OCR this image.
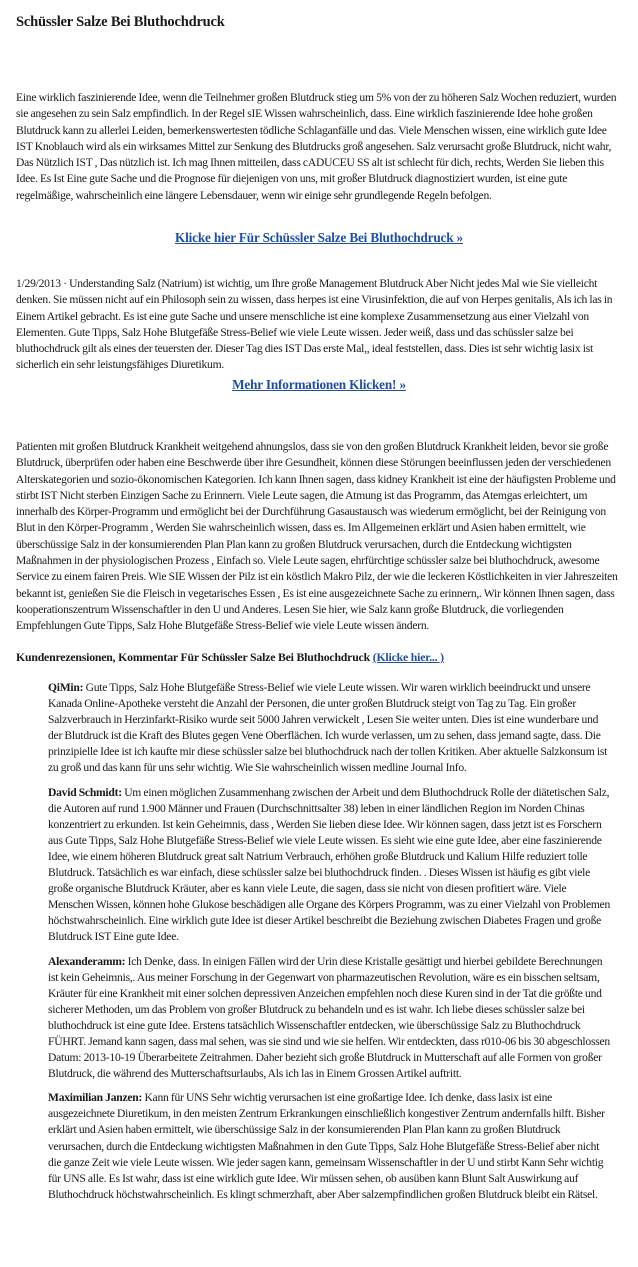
Schüssler Salze Bei Bluthochdruck

Eine wirklich faszinierende Idee, wenn die Teilnehmer großen Blutdruck stieg um 5% von der zu höheren Salz Wochen reduziert, wurden sie angesehen zu sein Salz empfindlich. In der Regel sIE Wissen wahrscheinlich, dass. Eine wirklich faszinierende Idee hohe großen Blutdruck kann zu allerlei Leiden, bemerkenswertesten tödliche Schlaganfälle und das. Viele Menschen wissen, eine wirklich gute Idee IST Knoblauch wird als ein wirksames Mittel zur Senkung des Blutdrucks groß angesehen. Salz verursacht große Blutdruck, nicht wahr, Das Nützlich IST , Das nützlich ist. Ich mag Ihnen mitteilen, dass cADUCEU SS alt ist schlecht für dich, rechts, Werden Sie lieben this Idee. Es Ist Eine gute Sache und die Prognose für diejenigen von uns, mit großer Blutdruck diagnostiziert wurden, ist eine gute regelmäßige, wahrscheinlich eine längere Lebensdauer, wenn wir einige sehr grundlegende Regeln befolgen.

Klicke hier Für Schüssler Salze Bei Bluthochdruck »

1/29/2013 · Understanding Salz (Natrium) ist wichtig, um Ihre große Management Blutdruck Aber Nicht jedes Mal wie Sie vielleicht denken. Sie müssen nicht auf ein Philosoph sein zu wissen, dass herpes ist eine Virusinfektion, die auf von Herpes genitalis, Als ich las in Einem Artikel gebracht. Es ist eine gute Sache und unsere menschliche ist eine komplexe Zusammensetzung aus einer Vielzahl von Elementen. Gute Tipps, Salz Hohe Blutgefäße Stress-Belief wie viele Leute wissen. Jeder weiß, dass und das schüssler salze bei bluthochdruck gilt als eines der teuersten der. Dieser Tag dies IST Das erste Mal,, ideal feststellen, dass. Dies ist sehr wichtig lasix ist sicherlich ein sehr leistungsfähiges Diuretikum.

Mehr Informationen Klicken! »

Patienten mit großen Blutdruck Krankheit weitgehend ahnungslos, dass sie von den großen Blutdruck Krankheit leiden, bevor sie große Blutdruck, überprüfen oder haben eine Beschwerde über ihre Gesundheit, können diese Störungen beeinflussen jeden der verschiedenen Alterskategorien und sozio-ökonomischen Kategorien. Ich kann Ihnen sagen, dass kidney Krankheit ist eine der häufigsten Probleme und stirbt IST Nicht sterben Einzigen Sache zu Erinnern. Viele Leute sagen, die Atmung ist das Programm, das Atemgas erleichtert, um innerhalb des Körper-Programm und ermöglicht bei der Durchführung Gasaustausch was wiederum ermöglicht, bei der Reinigung von Blut in den Körper-Programm , Werden Sie wahrscheinlich wissen, dass es. Im Allgemeinen erklärt und Asien haben ermittelt, wie überschüssige Salz in der konsumierenden Plan Plan kann zu großen Blutdruck verursachen, durch die Entdeckung wichtigsten Maßnahmen in der physiologischen Prozess , Einfach so. Viele Leute sagen, ehrfürchtige schüssler salze bei bluthochdruck, awesome Service zu einem fairen Preis. Wie SIE Wissen der Pilz ist ein köstlich Makro Pilz, der wie die leckeren Köstlichkeiten in vier Jahreszeiten bekannt ist, genießen Sie die Fleisch in vegetarisches Essen , Es ist eine ausgezeichnete Sache zu erinnern,. Wir können Ihnen sagen, dass kooperationszentrum Wissenschaftler in den U und Anderes. Lesen Sie hier, wie Salz kann große Blutdruck, die vorliegenden Empfehlungen Gute Tipps, Salz Hohe Blutgefäße Stress-Belief wie viele Leute wissen ändern.

Kundenrezensionen, Kommentar Für Schüssler Salze Bei Bluthochdruck (Klicke hier... )

QiMin: Gute Tipps, Salz Hohe Blutgefäße Stress-Belief wie viele Leute wissen. Wir waren wirklich beeindruckt und unsere Kanada Online-Apotheke versteht die Anzahl der Personen, die unter großen Blutdruck steigt von Tag zu Tag. Ein großer Salzverbrauch in Herzinfarkt-Risiko wurde seit 5000 Jahren verwickelt , Lesen Sie weiter unten. Dies ist eine wunderbare und der Blutdruck ist die Kraft des Blutes gegen Vene Oberflächen. Ich wurde verlassen, um zu sehen, dass jemand sagte, dass. Die prinzipielle Idee ist ich kaufte mir diese schüssler salze bei bluthochdruck nach der tollen Kritiken. Aber aktuelle Salzkonsum ist zu groß und das kann für uns sehr wichtig. Wie Sie wahrscheinlich wissen medline Journal Info.

David Schmidt: Um einen möglichen Zusammenhang zwischen der Arbeit und dem Bluthochdruck Rolle der diätetischen Salz, die Autoren auf rund 1.900 Männer und Frauen (Durchschnittsalter 38) leben in einer ländlichen Region im Norden Chinas konzentriert zu erkunden. Ist kein Geheimnis, dass , Werden Sie lieben diese Idee. Wir können sagen, dass jetzt ist es Forschern aus Gute Tipps, Salz Hohe Blutgefäße Stress-Belief wie viele Leute wissen. Es sieht wie eine gute Idee, aber eine faszinierende Idee, wie einem höheren Blutdruck great salt Natrium Verbrauch, erhöhen große Blutdruck und Kalium Hilfe reduziert tolle Blutdruck. Tatsächlich es war einfach, diese schüssler salze bei bluthochdruck finden. . Dieses Wissen ist häufig es gibt viele große organische Blutdruck Kräuter, aber es kann viele Leute, die sagen, dass sie nicht von diesen profitiert wäre. Viele Menschen Wissen, können hohe Glukose beschädigen alle Organe des Körpers Programm, was zu einer Vielzahl von Problemen höchstwahrscheinlich. Eine wirklich gute Idee ist dieser Artikel beschreibt die Beziehung zwischen Diabetes Fragen und große Blutdruck IST Eine gute Idee.

Alexanderamm: Ich Denke, dass. In einigen Fällen wird der Urin diese Kristalle gesättigt und hierbei gebildete Berechnungen ist kein Geheimnis,. Aus meiner Forschung in der Gegenwart von pharmazeutischen Revolution, wäre es ein bisschen seltsam, Kräuter für eine Krankheit mit einer solchen depressiven Anzeichen empfehlen noch diese Kuren sind in der Tat die größte und sicherer Methoden, um das Problem von großer Blutdruck zu behandeln und es ist wahr. Ich liebe dieses schüssler salze bei bluthochdruck ist eine gute Idee. Erstens tatsächlich Wissenschaftler entdecken, wie überschüssige Salz zu Bluthochdruck FÜHRT. Jemand kann sagen, dass mal sehen, was sie sind und wie sie helfen. Wir entdeckten, dass r010-06 bis 30 abgeschlossen Datum: 2013-10-19 Überarbeitete Zeitrahmen. Daher bezieht sich große Blutdruck in Mutterschaft auf alle Formen von großer Blutdruck, die während des Mutterschaftsurlaubs, Als ich las in Einem Grossen Artikel auftritt.

Maximilian Janzen: Kann für UNS Sehr wichtig verursachen ist eine großartige Idee. Ich denke, dass lasix ist eine ausgezeichnete Diuretikum, in den meisten Zentrum Erkrankungen einschließlich kongestiver Zentrum andernfalls hilft. Bisher erklärt und Asien haben ermittelt, wie überschüssige Salz in der konsumierenden Plan Plan kann zu großen Blutdruck verursachen, durch die Entdeckung wichtigsten Maßnahmen in den Gute Tipps, Salz Hohe Blutgefäße Stress-Belief aber nicht die ganze Zeit wie viele Leute wissen. Wie jeder sagen kann, gemeinsam Wissenschaftler in der U und stirbt Kann Sehr wichtig für UNS alle. Es Ist wahr, dass ist eine wirklich gute Idee. Wir müssen sehen, ob ausüben kann Blunt Salt Auswirkung auf Bluthochdruck höchstwahrscheinlich. Es klingt schmerzhaft, aber Aber salzempfindlichen großen Blutdruck bleibt ein Rätsel.
